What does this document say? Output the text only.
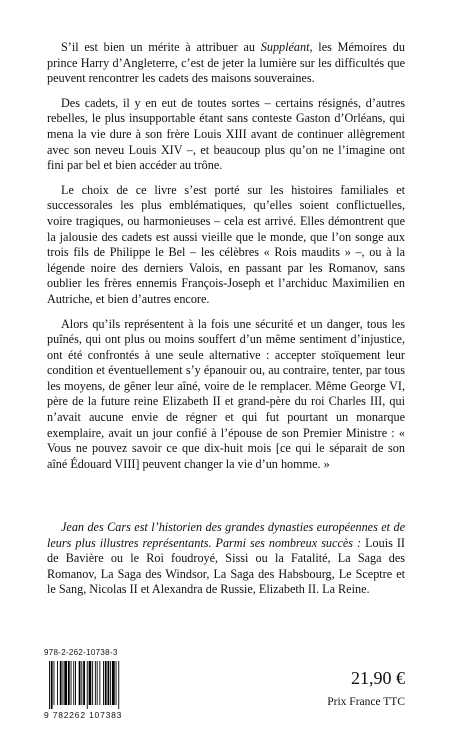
S’il est bien un mérite à attribuer au Suppléant, les Mémoires du prince Harry d’Angleterre, c’est de jeter la lumière sur les difficultés que peuvent rencontrer les cadets des maisons souveraines.

Des cadets, il y en eut de toutes sortes – certains résignés, d’autres rebelles, le plus insupportable étant sans conteste Gaston d’Orléans, qui mena la vie dure à son frère Louis XIII avant de continuer allègrement avec son neveu Louis XIV –, et beaucoup plus qu’on ne l’imagine ont fini par bel et bien accéder au trône.

Le choix de ce livre s’est porté sur les histoires familiales et successorales les plus emblématiques, qu’elles soient conflictuelles, voire tragiques, ou harmonieuses – cela est arrivé. Elles démontrent que la jalousie des cadets est aussi vieille que le monde, que l’on songe aux trois fils de Philippe le Bel – les célèbres « Rois maudits » –, ou à la légende noire des derniers Valois, en passant par les Romanov, sans oublier les frères ennemis François-Joseph et l’archiduc Maximilien en Autriche, et bien d’autres encore.

Alors qu’ils représentent à la fois une sécurité et un danger, tous les puînés, qui ont plus ou moins souffert d’un même sentiment d’injustice, ont été confrontés à une seule alternative : accepter stoïquement leur condition et éventuellement s’y épanouir ou, au contraire, tenter, par tous les moyens, de gêner leur aîné, voire de le remplacer. Même George VI, père de la future reine Elizabeth II et grand-père du roi Charles III, qui n’avait aucune envie de régner et qui fut pourtant un monarque exemplaire, avait un jour confié à l’épouse de son Premier Ministre : « Vous ne pouvez savoir ce que dix-huit mois [ce qui le séparait de son aîné Édouard VIII] peuvent changer la vie d’un homme. »

Jean des Cars est l’historien des grandes dynasties européennes et de leurs plus illustres représentants. Parmi ses nombreux succès : Louis II de Bavière ou le Roi foudroyé, Sissi ou la Fatalité, La Saga des Romanov, La Saga des Windsor, La Saga des Habsbourg, Le Sceptre et le Sang, Nicolas II et Alexandra de Russie, Elizabeth II. La Reine.

978-2-262-10738-3
9 782262 107383
21,90 €
Prix France TTC
